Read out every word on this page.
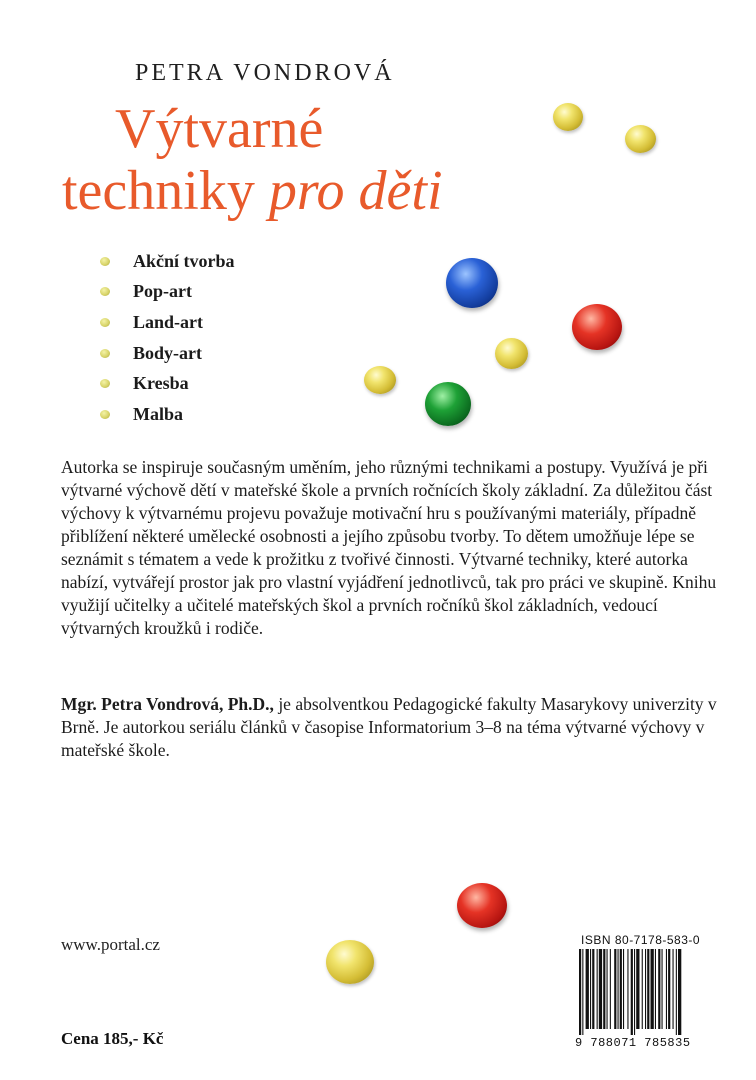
PETRA VONDROVÁ
Výtvarné
techniky pro děti
Akční tvorba
Pop-art
Land-art
Body-art
Kresba
Malba

Autorka se inspiruje současným uměním, jeho různými technikami a postupy. Využívá je při výtvarné výchově dětí v mateřské škole a prvních ročnících školy základní. Za důležitou část výchovy k výtvarnému projevu považuje motivační hru s používanými materiály, případně přiblížení některé umělecké osobnosti a jejího způsobu tvorby. To dětem umožňuje lépe se seznámit s tématem a vede k prožitku z tvořivé činnosti. Výtvarné techniky, které autorka nabízí, vytvářejí prostor jak pro vlastní vyjádření jednotlivců, tak pro práci ve skupině. Knihu využijí učitelky a učitelé mateřských škol a prvních ročníků škol základních, vedoucí výtvarných kroužků i rodiče.

Mgr. Petra Vondrová, Ph.D., je absolventkou Pedagogické fakulty Masarykovy univerzity v Brně. Je autorkou seriálu článků v časopise Informatorium 3–8 na téma výtvarné výchovy v mateřské škole.

www.portal.cz
Cena 185,- Kč
ISBN 80-7178-583-0
9 788071 785835
